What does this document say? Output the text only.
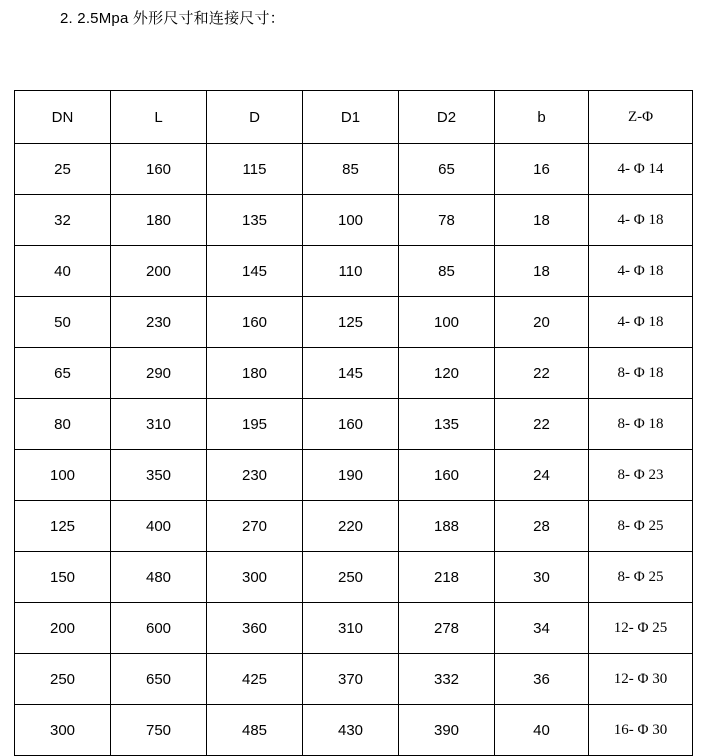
2. 2.5Mpa 外形尺寸和连接尺寸：
DN	L	D	D1	D2	b	Z-Φ
25	160	115	85	65	16	4- Φ 14
32	180	135	100	78	18	4- Φ 18
40	200	145	110	85	18	4- Φ 18
50	230	160	125	100	20	4- Φ 18
65	290	180	145	120	22	8- Φ 18
80	310	195	160	135	22	8- Φ 18
100	350	230	190	160	24	8- Φ 23
125	400	270	220	188	28	8- Φ 25
150	480	300	250	218	30	8- Φ 25
200	600	360	310	278	34	12- Φ 25
250	650	425	370	332	36	12- Φ 30
300	750	485	430	390	40	16- Φ 30
